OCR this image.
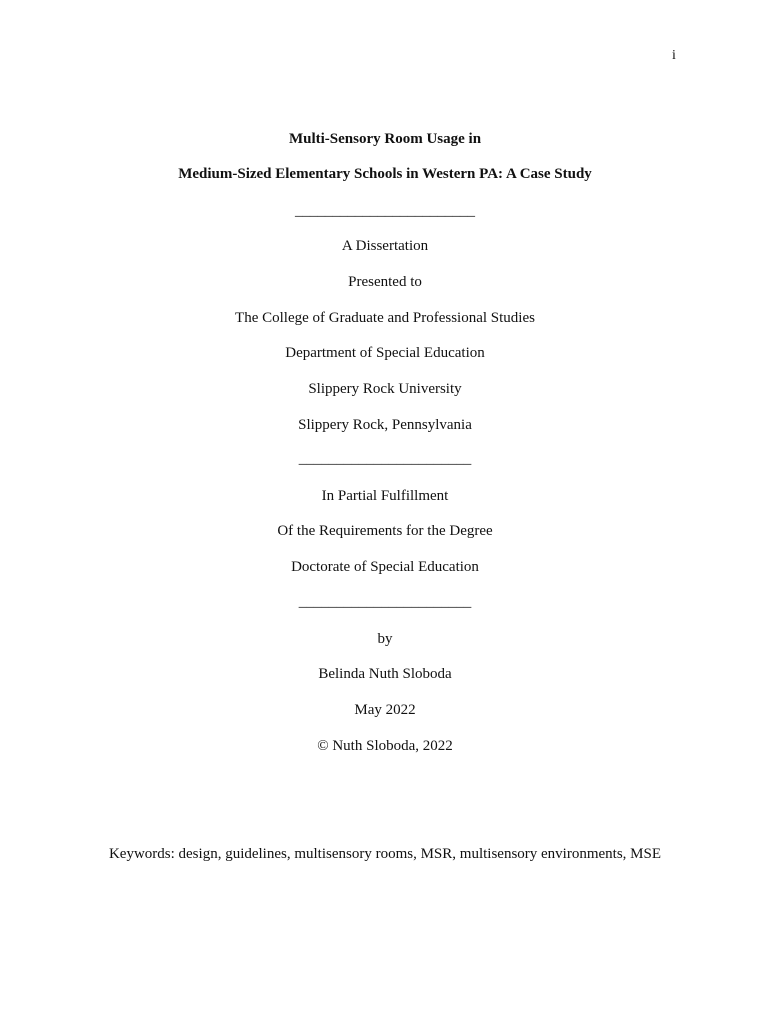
i
Multi-Sensory Room Usage in
Medium-Sized Elementary Schools in Western PA: A Case Study
________________________
A Dissertation
Presented to
The College of Graduate and Professional Studies
Department of Special Education
Slippery Rock University
Slippery Rock, Pennsylvania
_______________________
In Partial Fulfillment
Of the Requirements for the Degree
Doctorate of Special Education
_______________________
by
Belinda Nuth Sloboda
May 2022
© Nuth Sloboda, 2022
Keywords: design, guidelines, multisensory rooms, MSR, multisensory environments, MSE
